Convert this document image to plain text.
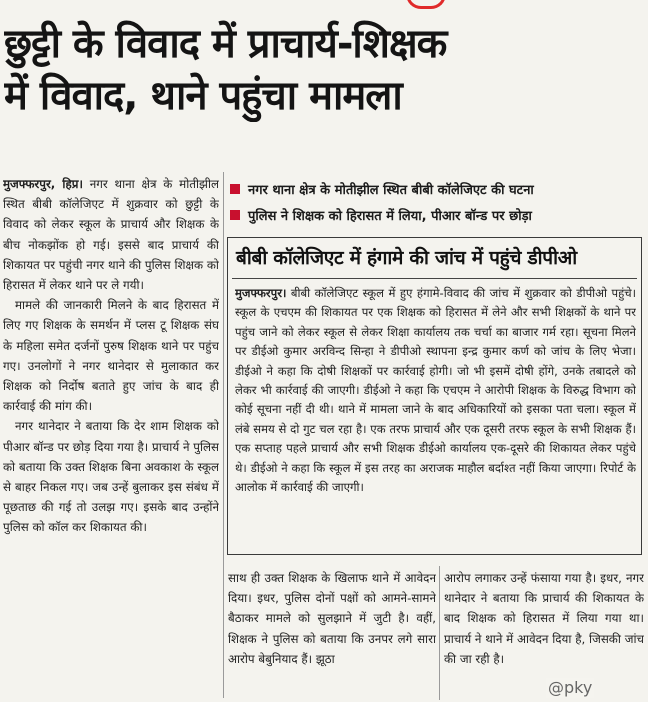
छुट्टी के विवाद में प्राचार्य-शिक्षक
में विवाद, थाने पहुंचा मामला

मुजफ्फरपुर, हिप्र। नगर थाना क्षेत्र के मोतीझील स्थित बीबी कॉलेजिएट में शुक्रवार को छुट्टी के विवाद को लेकर स्कूल के प्राचार्य और शिक्षक के बीच नोकझोंक हो गई। इससे बाद प्राचार्य की शिकायत पर पहुंची नगर थाने की पुलिस शिक्षक को हिरासत में लेकर थाने पर ले गयी।

मामले की जानकारी मिलने के बाद हिरासत में लिए गए शिक्षक के समर्थन में प्लस टू शिक्षक संघ के महिला समेत दर्जनों पुरुष शिक्षक थाने पर पहुंच गए। उनलोगों ने नगर थानेदार से मुलाकात कर शिक्षक को निर्दोष बताते हुए जांच के बाद ही कार्रवाई की मांग की।

नगर थानेदार ने बताया कि देर शाम शिक्षक को पीआर बॉन्ड पर छोड़ दिया गया है। प्राचार्य ने पुलिस को बताया कि उक्त शिक्षक बिना अवकाश के स्कूल से बाहर निकल गए। जब उन्हें बुलाकर इस संबंध में पूछताछ की गई तो उलझ गए। इसके बाद उन्होंने पुलिस को कॉल कर शिकायत की।

नगर थाना क्षेत्र के मोतीझील स्थित बीबी कॉलेजिएट की घटना
पुलिस ने शिक्षक को हिरासत में लिया, पीआर बॉन्ड पर छोड़ा
बीबी कॉलेजिएट में हंगामे की जांच में पहुंचे डीपीओ

मुजफ्फरपुर। बीबी कॉलेजिएट स्कूल में हुए हंगामे-विवाद की जांच में शुक्रवार को डीपीओ पहुंचे। स्कूल के एचएम की शिकायत पर एक शिक्षक को हिरासत में लेने और सभी शिक्षकों के थाने पर पहुंच जाने को लेकर स्कूल से लेकर शिक्षा कार्यालय तक चर्चा का बाजार गर्म रहा। सूचना मिलने पर डीईओ कुमार अरविन्द सिन्हा ने डीपीओ स्थापना इन्द्र कुमार कर्ण को जांच के लिए भेजा। डीईओ ने कहा कि दोषी शिक्षकों पर कार्रवाई होगी। जो भी इसमें दोषी होंगे, उनके तबादले को लेकर भी कार्रवाई की जाएगी। डीईओ ने कहा कि एचएम ने आरोपी शिक्षक के विरुद्ध विभाग को कोई सूचना नहीं दी थी। थाने में मामला जाने के बाद अधिकारियों को इसका पता चला। स्कूल में लंबे समय से दो गुट चल रहा है। एक तरफ प्राचार्य और एक दूसरी तरफ स्कूल के सभी शिक्षक हैं। एक सप्ताह पहले प्राचार्य और सभी शिक्षक डीईओ कार्यालय एक-दूसरे की शिकायत लेकर पहुंचे थे। डीईओ ने कहा कि स्कूल में इस तरह का अराजक माहौल बर्दाश्त नहीं किया जाएगा। रिपोर्ट के आलोक में कार्रवाई की जाएगी।

साथ ही उक्त शिक्षक के खिलाफ थाने में आवेदन दिया। इधर, पुलिस दोनों पक्षों को आमने-सामने बैठाकर मामले को सुलझाने में जुटी है। वहीं, शिक्षक ने पुलिस को बताया कि उनपर लगे सारा आरोप बेबुनियाद हैं। झूठा

आरोप लगाकर उन्हें फंसाया गया है। इधर, नगर थानेदार ने बताया कि प्राचार्य की शिकायत के बाद शिक्षक को हिरासत में लिया गया था। प्राचार्य ने थाने में आवेदन दिया है, जिसकी जांच की जा रही है।

@pky
